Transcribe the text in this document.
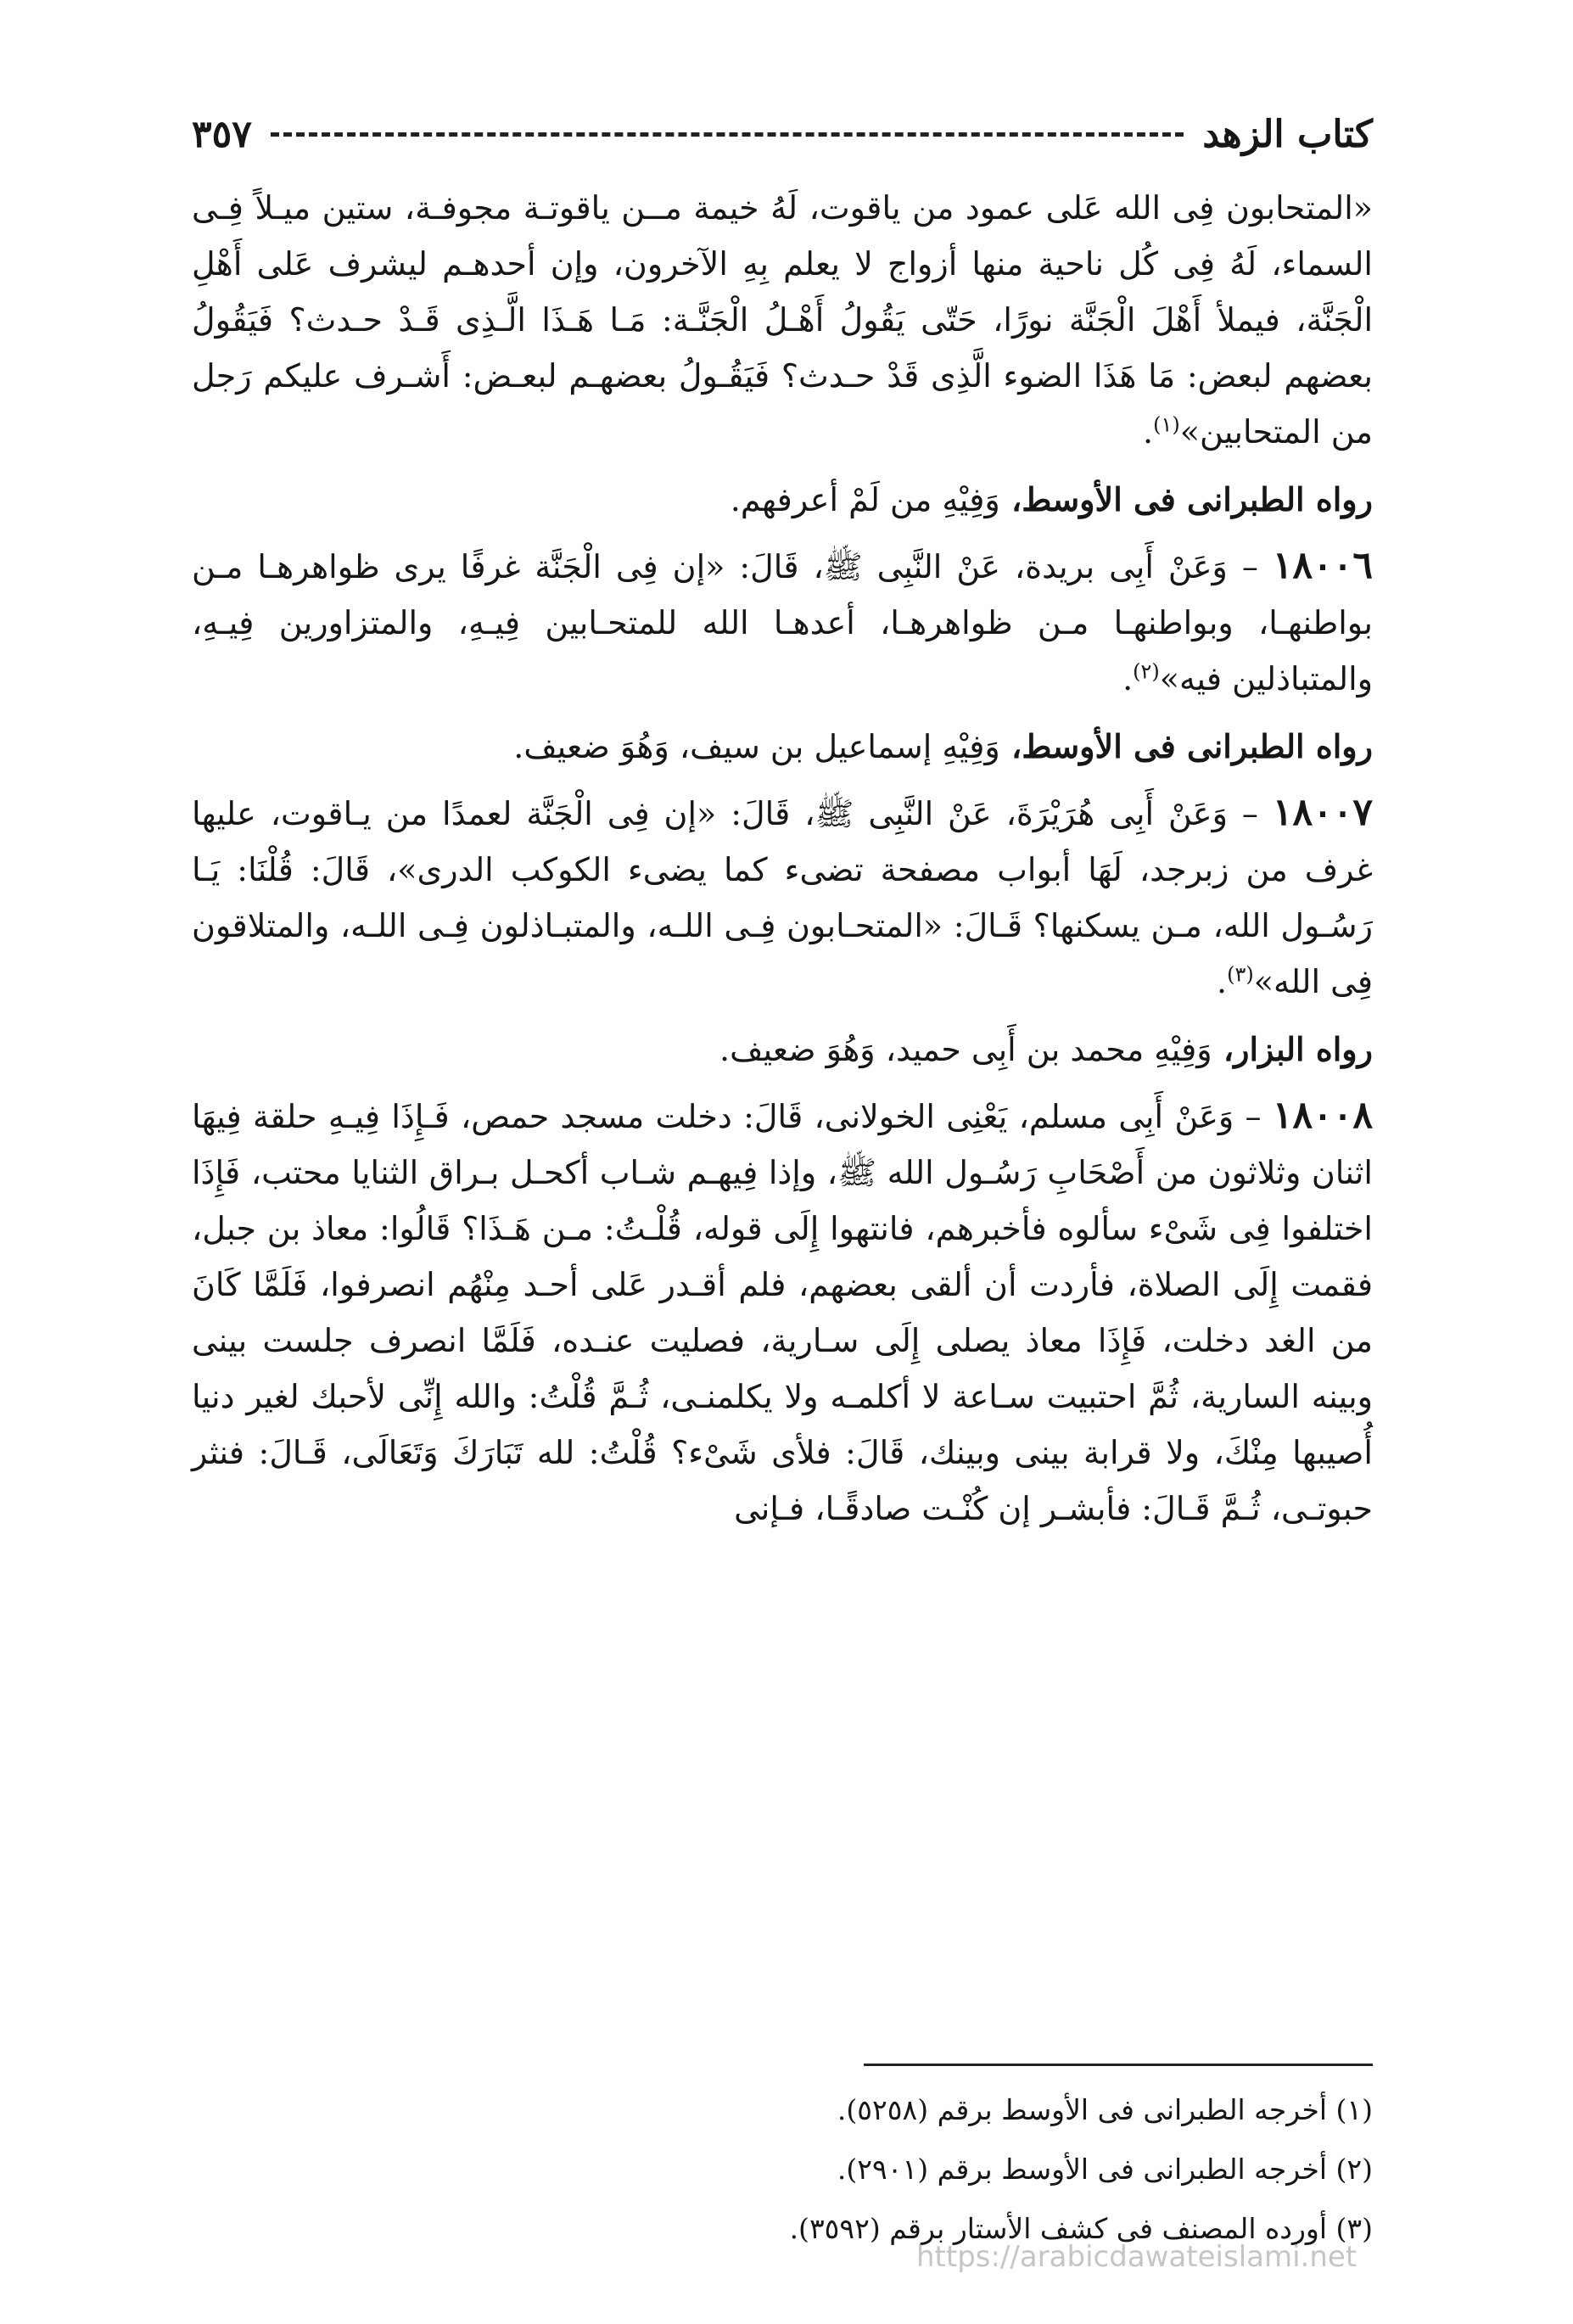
كتاب الزهد
٣٥٧

«المتحابون فِى الله عَلى عمود من ياقوت، لَهُ خيمة مــن ياقوتـة مجوفـة، ستين ميـلاً فِـى السماء، لَهُ فِى كُل ناحية منها أزواج لا يعلم بِهِ الآخرون، وإن أحدهـم ليشرف عَلى أَهْلِ الْجَنَّة، فيملأ أَهْلَ الْجَنَّة نورًا، حَتّى يَقُولُ أَهْـلُ الْجَنَّـة: مَـا هَـذَا الَّـذِى قَـدْ حـدث؟ فَيَقُولُ بعضهم لبعض: مَا هَذَا الضوء الَّذِى قَدْ حـدث؟ فَيَقُـولُ بعضهـم لبعـض: أَشـرف عليكم رَجل من المتحابين»$^{(١)}$.

رواه الطبرانى فى الأوسط، وَفِيْهِ من لَمْ أعرفهم.

١٨٠٠٦ – وَعَنْ أَبِى بريدة، عَنْ النَّبِى ﷺ، قَالَ: «إن فِى الْجَنَّة غرفًا يرى ظواهرهـا مـن بواطنهـا، وبواطنهـا مـن ظواهرهـا، أعدهـا الله للمتحـابين فِيـهِ، والمتزاورين فِيـهِ، والمتباذلين فيه»$^{(٢)}$.

رواه الطبرانى فى الأوسط، وَفِيْهِ إسماعيل بن سيف، وَهُوَ ضعيف.

١٨٠٠٧ – وَعَنْ أَبِى هُرَيْرَةَ، عَنْ النَّبِى ﷺ، قَالَ: «إن فِى الْجَنَّة لعمدًا من يـاقوت، عليها غرف من زبرجد، لَهَا أبواب مصفحة تضىء كما يضىء الكوكب الدرى»، قَالَ: قُلْنَا: يَـا رَسُـول الله، مـن يسكنها؟ قَـالَ: «المتحـابون فِـى اللـه، والمتبـاذلون فِـى اللـه، والمتلاقون فِى الله»$^{(٣)}$.

رواه البزار، وَفِيْهِ محمد بن أَبِى حميد، وَهُوَ ضعيف.

١٨٠٠٨ – وَعَنْ أَبِى مسلم، يَعْنِى الخولانى، قَالَ: دخلت مسجد حمص، فَـإِذَا فِيـهِ حلقة فِيهَا اثنان وثلاثون من أَصْحَابِ رَسُـول الله ﷺ، وإذا فِيهـم شـاب أكحـل بـراق الثنايا محتب، فَإِذَا اختلفوا فِى شَىْء سألوه فأخبرهم، فانتهوا إِلَى قوله، قُلْـتُ: مـن هَـذَا؟ قَالُوا: معاذ بن جبل، فقمت إِلَى الصلاة، فأردت أن ألقى بعضهم، فلم أقـدر عَلى أحـد مِنْهُم انصرفوا، فَلَمَّا كَانَ من الغد دخلت، فَإِذَا معاذ يصلى إِلَى سـارية، فصليت عنـده، فَلَمَّا انصرف جلست بينى وبينه السارية، ثُمَّ احتبيت سـاعة لا أكلمـه ولا يكلمنـى، ثُـمَّ قُلْتُ: والله إِنِّى لأحبك لغير دنيا أُصيبها مِنْكَ، ولا قرابة بينى وبينك، قَالَ: فلأى شَىْء؟ قُلْتُ: لله تَبَارَكَ وَتَعَالَى، قَـالَ: فنثر حبوتـى، ثُـمَّ قَـالَ: فأبشـر إن كُنْـت صادقًـا، فـإنى

(١) أخرجه الطبرانى فى الأوسط برقم (٥٢٥٨).

(٢) أخرجه الطبرانى فى الأوسط برقم (٢٩٠١).

(٣) أورده المصنف فى كشف الأستار برقم (٣٥٩٢).

https://arabicdawateislami.net
